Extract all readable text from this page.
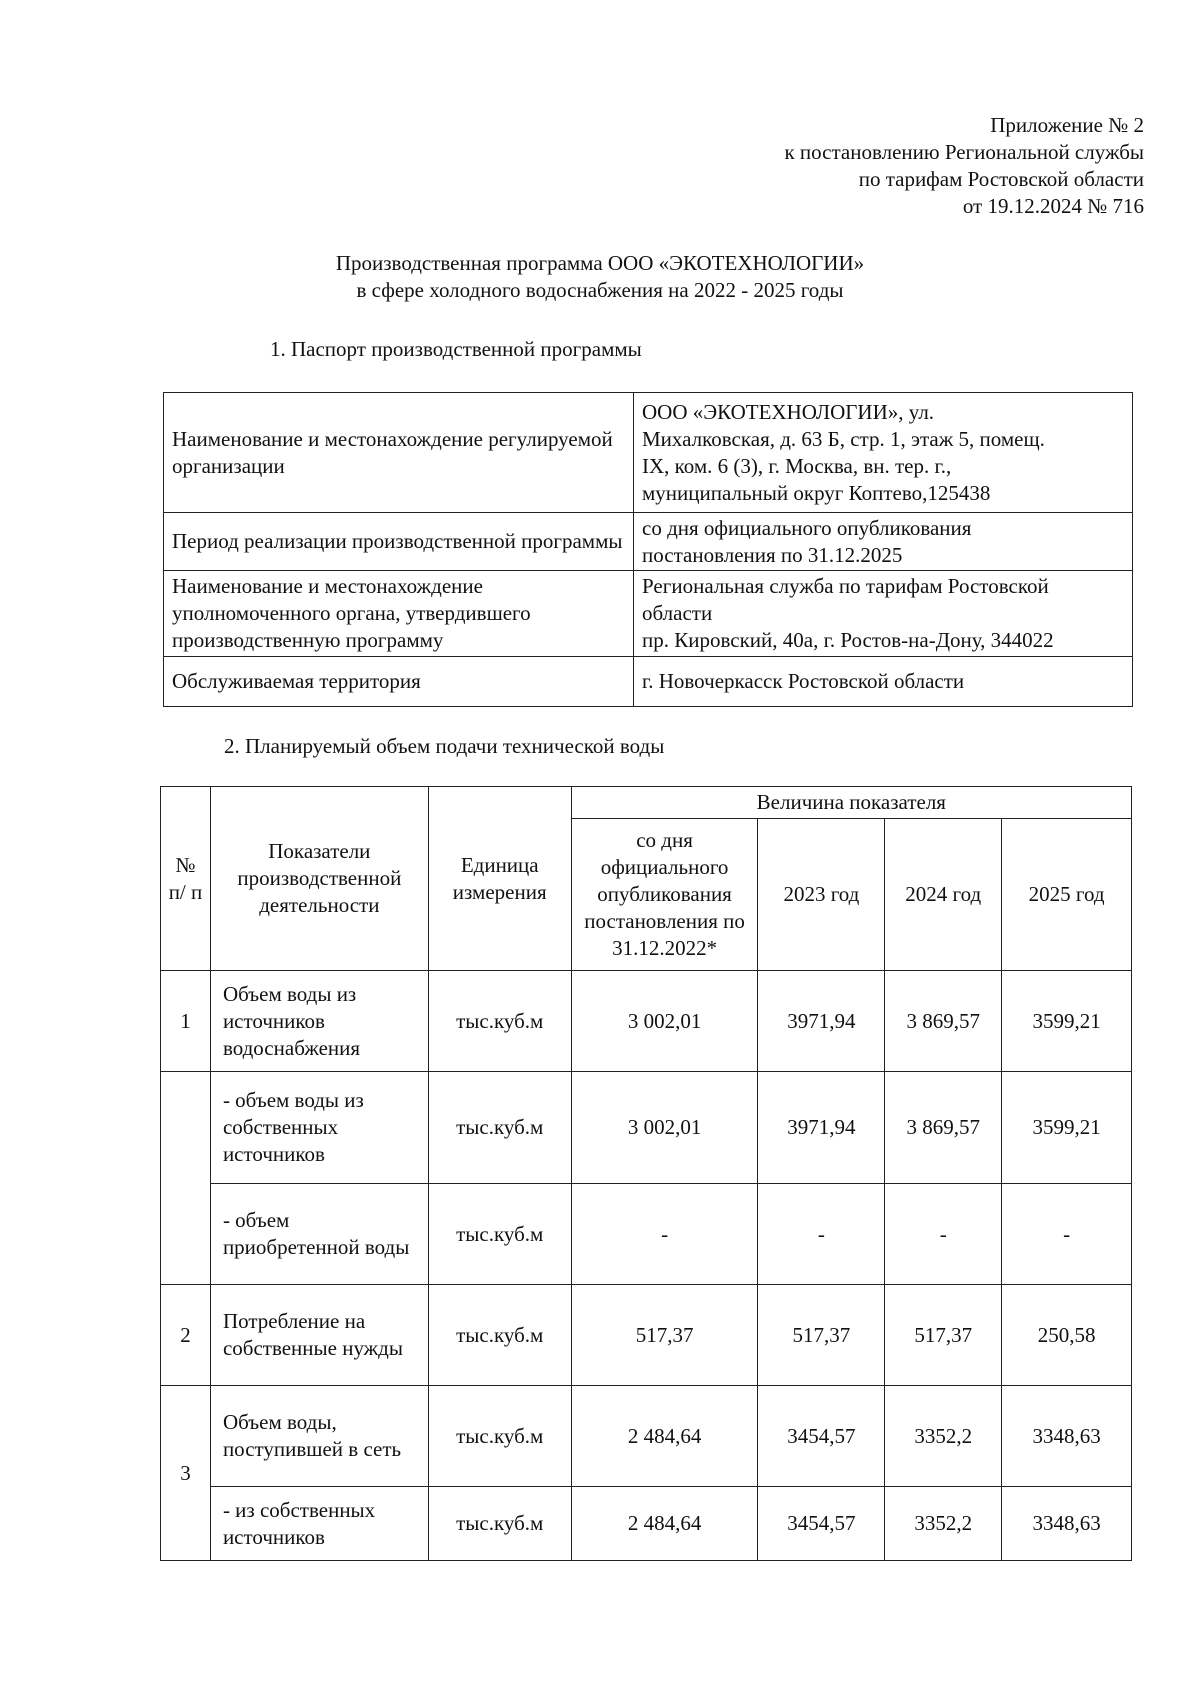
Приложение № 2
к постановлению Региональной службы
по тарифам Ростовской области
от 19.12.2024 № 716
Производственная программа ООО «ЭКОТЕХНОЛОГИИ»
в сфере холодного водоснабжения на 2022 - 2025 годы
1. Паспорт производственной программы
Наименование и местонахождение регулируемой организации	ООО «ЭКОТЕХНОЛОГИИ», ул.
Михалковская, д. 63 Б, стр. 1, этаж 5, помещ.
IX, ком. 6 (3), г. Москва, вн. тер. г.,
муниципальный округ Коптево,125438

Период реализации производственной программы	со дня официального опубликования
постановления по 31.12.2025

Наименование и местонахождение уполномоченного органа, утвердившего производственную программу	Региональная служба по тарифам Ростовской
области
пр. Кировский, 40а, г. Ростов-на-Дону, 344022

Обслуживаемая территория	г. Новочеркасск Ростовской области
2. Планируемый объем подачи технической воды
№ п/ п	Показатели производственной деятельности	Единица измерения	Величина показателя			
			со дня официального опубликования постановления по 31.12.2022*	2023 год	2024 год	2025 год
1	Объем воды из источников водоснабжения	тыс.куб.м	3 002,01	3971,94	3 869,57	3599,21
	- объем воды из собственных источников	тыс.куб.м	3 002,01	3971,94	3 869,57	3599,21
	- объем приобретенной воды	тыс.куб.м	-	-	-	-
2	Потребление на собственные нужды	тыс.куб.м	517,37	517,37	517,37	250,58
3	Объем воды, поступившей в сеть	тыс.куб.м	2 484,64	3454,57	3352,2	3348,63
	- из собственных источников	тыс.куб.м	2 484,64	3454,57	3352,2	3348,63
